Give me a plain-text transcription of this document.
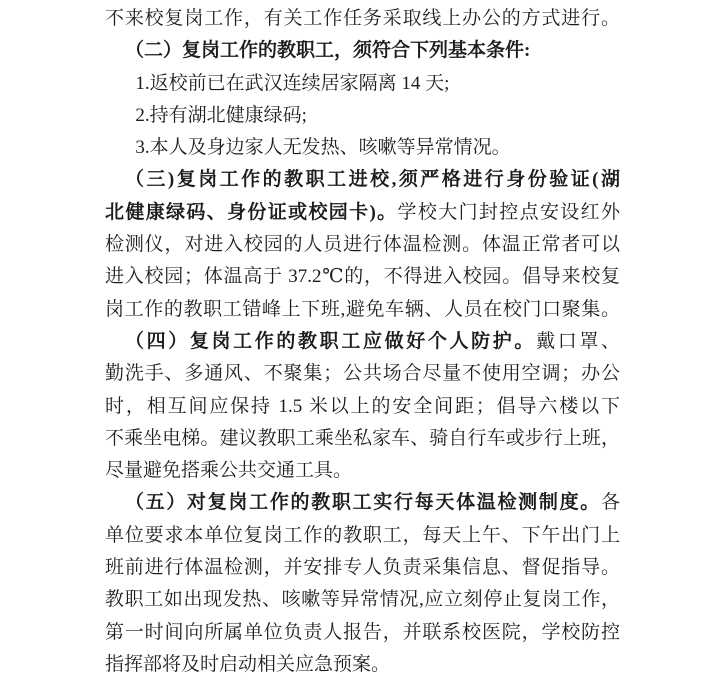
不来校复岗工作，有关工作任务采取线上办公的方式进行。
（二）复岗工作的教职工，须符合下列基本条件:
1.返校前已在武汉连续居家隔离 14 天;
2.持有湖北健康绿码;
3.本人及身边家人无发热、咳嗽等异常情况。
（三)复岗工作的教职工进校,须严格进行身份验证(湖
北健康绿码、身份证或校园卡)。学校大门封控点安设红外
检测仪，对进入校园的人员进行体温检测。体温正常者可以
进入校园；体温高于 37.2℃的，不得进入校园。倡导来校复
岗工作的教职工错峰上下班,避免车辆、人员在校门口聚集。
（四）复岗工作的教职工应做好个人防护。戴口罩、
勤洗手、多通风、不聚集；公共场合尽量不使用空调；办公
时，相互间应保持 1.5 米以上的安全间距；倡导六楼以下
不乘坐电梯。建议教职工乘坐私家车、骑自行车或步行上班，
尽量避免搭乘公共交通工具。
（五）对复岗工作的教职工实行每天体温检测制度。各
单位要求本单位复岗工作的教职工，每天上午、下午出门上
班前进行体温检测，并安排专人负责采集信息、督促指导。
教职工如出现发热、咳嗽等异常情况,应立刻停止复岗工作，
第一时间向所属单位负责人报告，并联系校医院，学校防控
指挥部将及时启动相关应急预案。
